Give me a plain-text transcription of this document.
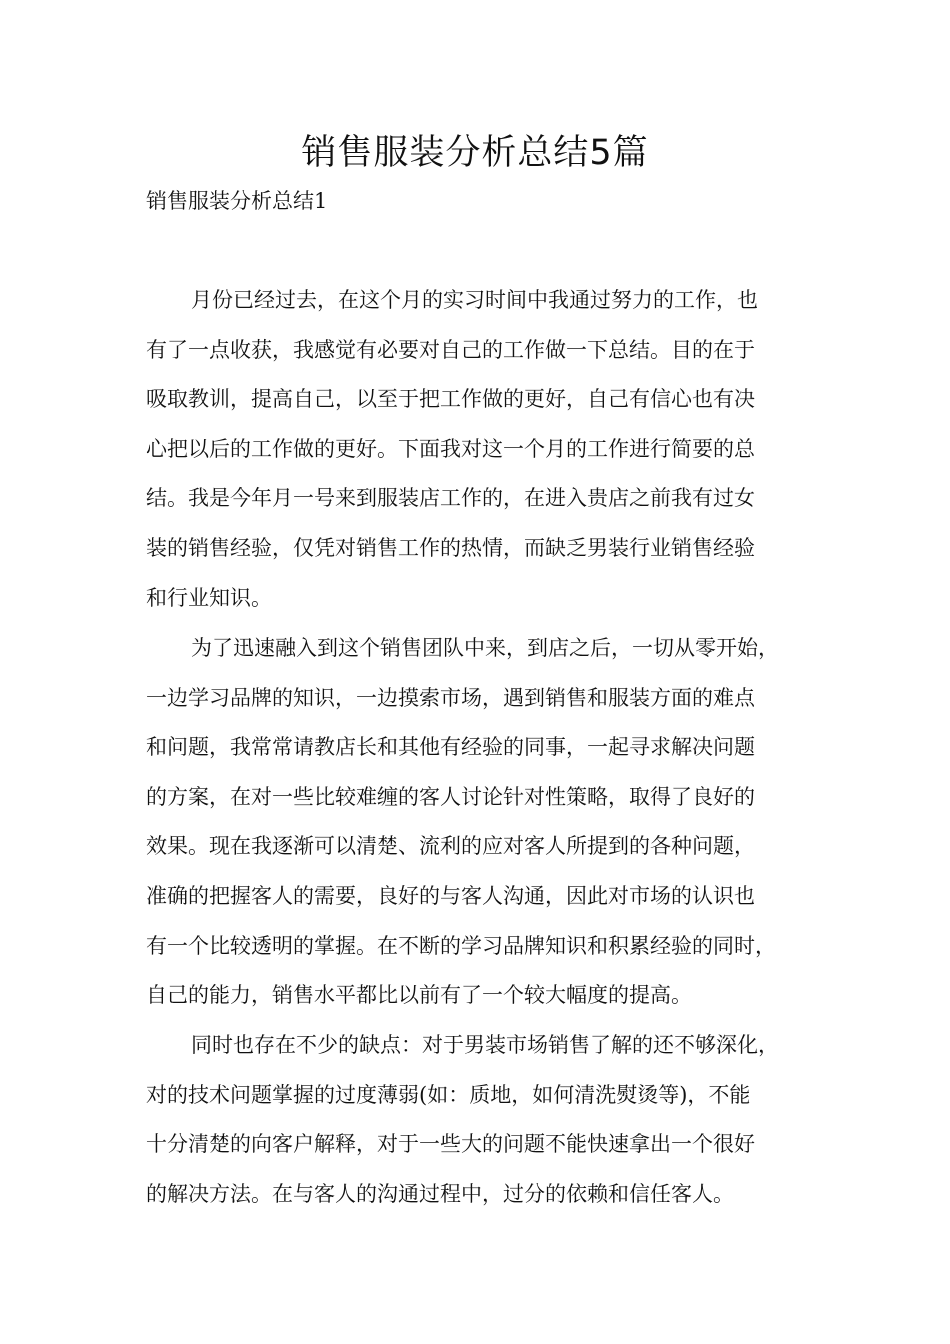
销售服装分析总结5篇
销售服装分析总结1
月份已经过去，在这个月的实习时间中我通过努力的工作，也
有了一点收获，我感觉有必要对自己的工作做一下总结。目的在于
吸取教训，提高自己，以至于把工作做的更好，自己有信心也有决
心把以后的工作做的更好。下面我对这一个月的工作进行简要的总
结。我是今年月一号来到服装店工作的，在进入贵店之前我有过女
装的销售经验，仅凭对销售工作的热情，而缺乏男装行业销售经验
和行业知识。
为了迅速融入到这个销售团队中来，到店之后，一切从零开始，
一边学习品牌的知识，一边摸索市场，遇到销售和服装方面的难点
和问题，我常常请教店长和其他有经验的同事，一起寻求解决问题
的方案，在对一些比较难缠的客人讨论针对性策略，取得了良好的
效果。现在我逐渐可以清楚、流利的应对客人所提到的各种问题，
准确的把握客人的需要，良好的与客人沟通，因此对市场的认识也
有一个比较透明的掌握。在不断的学习品牌知识和积累经验的同时，
自己的能力，销售水平都比以前有了一个较大幅度的提高。
同时也存在不少的缺点：对于男装市场销售了解的还不够深化，
对的技术问题掌握的过度薄弱(如：质地，如何清洗熨烫等)，不能
十分清楚的向客户解释，对于一些大的问题不能快速拿出一个很好
的解决方法。在与客人的沟通过程中，过分的依赖和信任客人。
